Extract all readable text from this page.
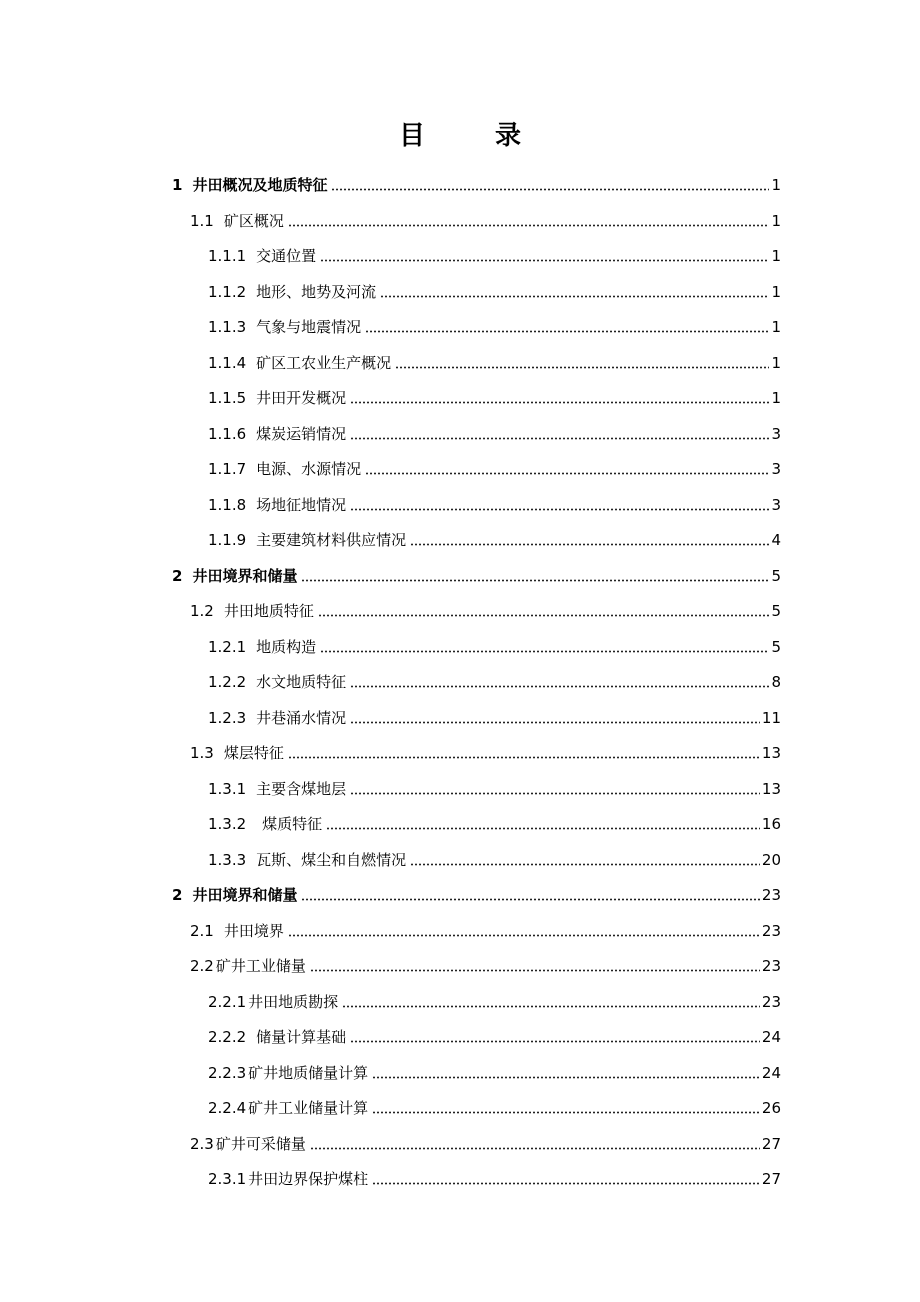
目　录
1 井田概况及地质特征	1
1.1 矿区概况	1
1.1.1 交通位置	1
1.1.2 地形、地势及河流	1
1.1.3 气象与地震情况	1
1.1.4 矿区工农业生产概况	1
1.1.5 井田开发概况	1
1.1.6 煤炭运销情况	3
1.1.7 电源、水源情况	3
1.1.8 场地征地情况	3
1.1.9 主要建筑材料供应情况	4
2 井田境界和储量	5
1.2 井田地质特征	5
1.2.1 地质构造	5
1.2.2 水文地质特征	8
1.2.3 井巷涌水情况	11
1.3 煤层特征	13
1.3.1 主要含煤地层	13
1.3.2 煤质特征	16
1.3.3 瓦斯、煤尘和自燃情况	20
2 井田境界和储量	23
2.1 井田境界	23
2.2 矿井工业储量	23
2.2.1 井田地质勘探	23
2.2.2 储量计算基础	24
2.2.3 矿井地质储量计算	24
2.2.4 矿井工业储量计算	26
2.3 矿井可采储量	27
2.3.1 井田边界保护煤柱	27
